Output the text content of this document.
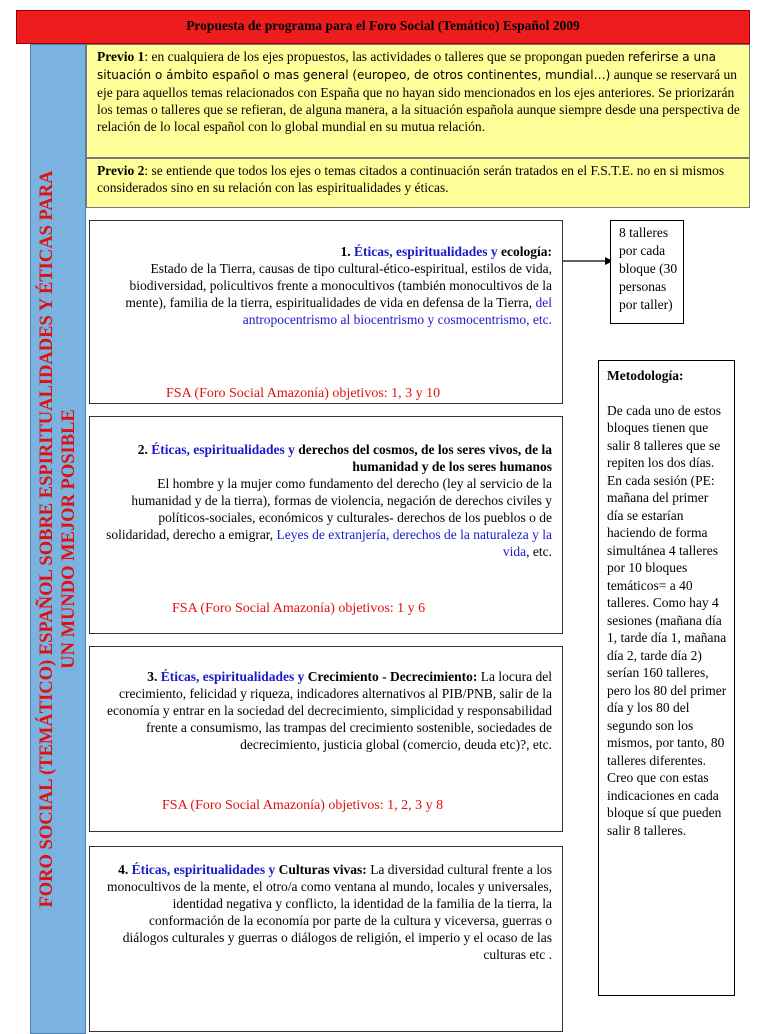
Propuesta de programa para el Foro Social (Temático) Español 2009
FORO SOCIAL (TEMÁTICO) ESPAÑOL SOBRE ESPIRITUALIDADES Y ÉTICAS PARA UN MUNDO MEJOR POSIBLE
Previo 1: en cualquiera de los ejes propuestos, las actividades o talleres que se propongan pueden referirse a una situación o ámbito español o mas general (europeo, de otros continentes, mundial…) aunque se reservará un eje para aquellos temas relacionados con España que no hayan sido mencionados en los ejes anteriores. Se priorizarán los temas o talleres que se refieran, de alguna manera, a la situación española aunque siempre desde una perspectiva de relación de lo local español con lo global mundial en su mutua relación.
Previo 2: se entiende que todos los ejes o temas citados a continuación serán tratados en el F.S.T.E. no en si mismos considerados sino en su relación con las espiritualidades y éticas.
1. Éticas, espiritualidades y ecología:
Estado de la Tierra, causas de tipo cultural-ético-espiritual, estilos de vida, biodiversidad, policultivos frente a monocultivos (también monocultivos de la mente), familia de la tierra, espiritualidades de vida en defensa de la Tierra, del antropocentrismo al biocentrismo y cosmocentrismo, etc.
FSA (Foro Social Amazonía) objetivos: 1, 3 y 10
2. Éticas, espiritualidades y derechos del cosmos, de los seres vivos, de la humanidad y de los seres humanos
El hombre y la mujer como fundamento del derecho (ley al servicio de la humanidad y de la tierra), formas de violencia, negación de derechos civiles y políticos-sociales, económicos y culturales- derechos de los pueblos o de solidaridad, derecho a emigrar, Leyes de extranjería, derechos de la naturaleza y la vida, etc.
FSA (Foro Social Amazonía) objetivos: 1 y 6
3. Éticas, espiritualidades y Crecimiento - Decrecimiento: La locura del crecimiento, felicidad y riqueza, indicadores alternativos al PIB/PNB, salir de la economía y entrar en la sociedad del decrecimiento, simplicidad y responsabilidad frente a consumismo, las trampas del crecimiento sostenible, sociedades de decrecimiento, justicia global (comercio, deuda etc)?, etc.
FSA (Foro Social Amazonía) objetivos: 1, 2, 3 y 8
4. Éticas, espiritualidades y Culturas vivas: La diversidad cultural frente a los monocultivos de la mente, el otro/a como ventana al mundo, locales y universales, identidad negativa y conflicto, la identidad de la familia de la tierra, la conformación de la economía por parte de la cultura y viceversa, guerras o diálogos culturales y guerras o diálogos de religión, el imperio y el ocaso de las culturas etc .
8 talleres por cada bloque (30 personas por taller)
Metodología:
De cada uno de estos bloques tienen que salir 8 talleres que se repiten los dos días. En cada sesión (PE: mañana del primer día se estarían haciendo de forma simultánea 4 talleres por 10 bloques temáticos= a 40 talleres. Como hay 4 sesiones (mañana día 1, tarde día 1, mañana día 2, tarde día 2) serían 160 talleres, pero los 80 del primer día y los 80 del segundo son los mismos, por tanto, 80 talleres diferentes. Creo que con estas indicaciones en cada bloque sí que pueden salir 8 talleres.
